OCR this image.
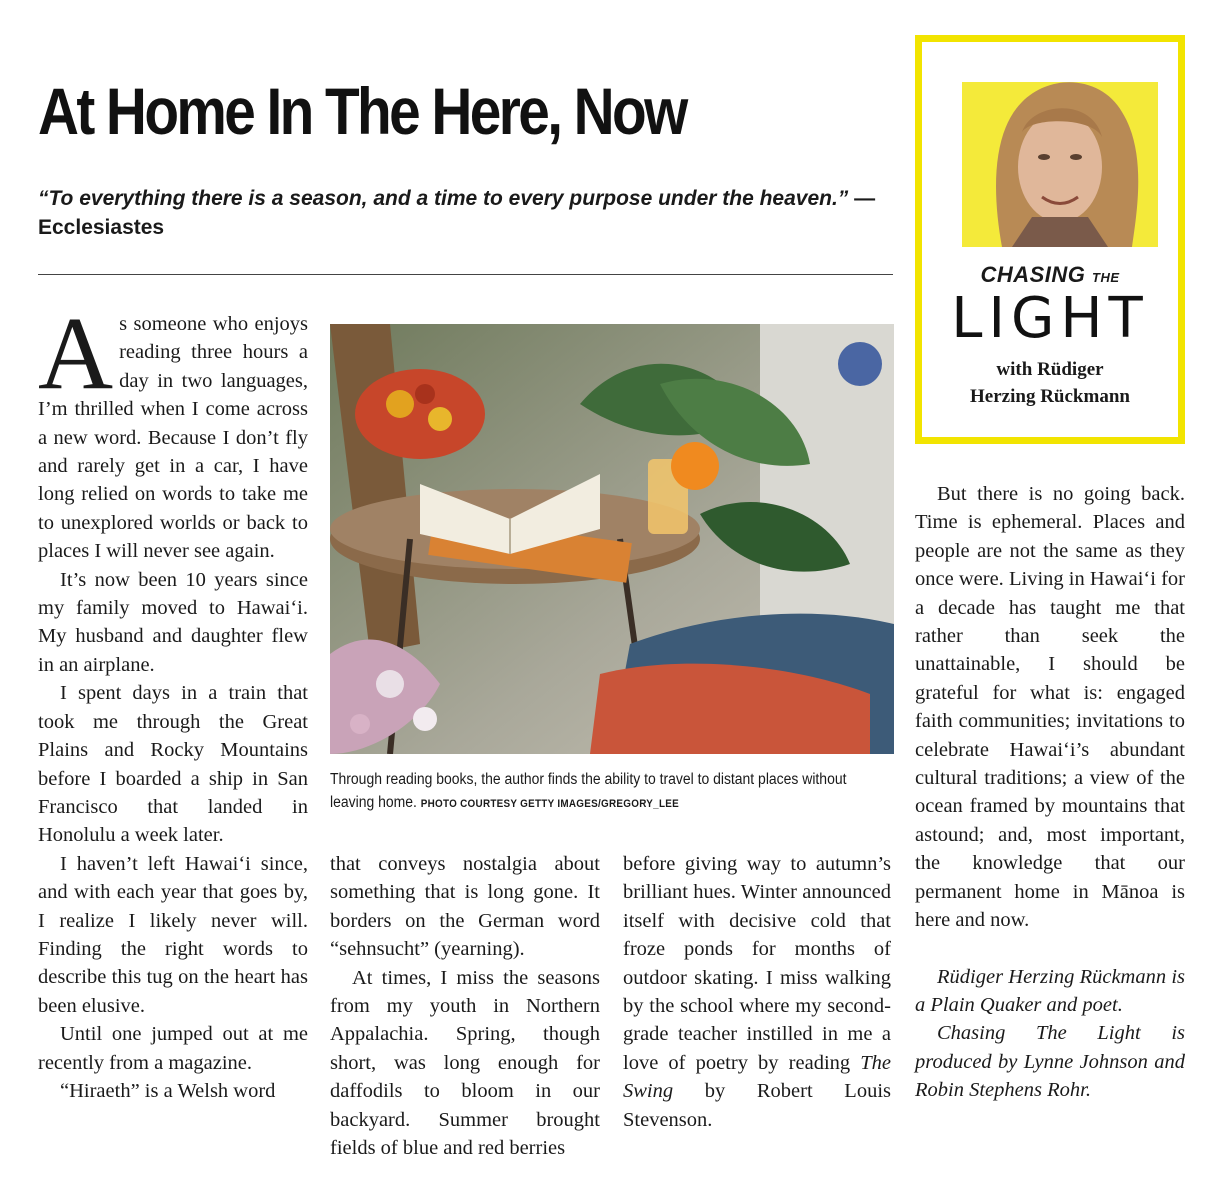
At Home In The Here, Now

“To everything there is a season, and a time to every purpose under the heaven.” — Ecclesiastes

As someone who enjoys reading three hours a day in two languages, I’m thrilled when I come across a new word. Because I don’t fly and rarely get in a car, I have long relied on words to take me to unexplored worlds or back to places I will never see again.

It’s now been 10 years since my family moved to Hawai‘i. My husband and daughter flew in an airplane.

I spent days in a train that took me through the Great Plains and Rocky Mountains before I boarded a ship in San Francisco that landed in Honolulu a week later.

I haven’t left Hawai‘i since, and with each year that goes by, I realize I likely never will. Finding the right words to describe this tug on the heart has been elusive.

Until one jumped out at me recently from a magazine.

“Hiraeth” is a Welsh word

Through reading books, the author finds the ability to travel to distant places without leaving home. PHOTO COURTESY GETTY IMAGES/GREGORY_LEE

that conveys nostalgia about something that is long gone. It borders on the German word “sehnsucht” (yearning).

At times, I miss the seasons from my youth in Northern Appalachia. Spring, though short, was long enough for daffodils to bloom in our backyard. Summer brought fields of blue and red berries

before giving way to autumn’s brilliant hues. Winter announced itself with decisive cold that froze ponds for months of outdoor skating. I miss walking by the school where my second-grade teacher instilled in me a love of poetry by reading The Swing by Robert Louis Stevenson.

CHASING THE
LIGHT
with Rüdiger
Herzing Rückmann

But there is no going back. Time is ephemeral. Places and people are not the same as they once were. Living in Hawai‘i for a decade has taught me that rather than seek the unattainable, I should be grateful for what is: engaged faith communities; invitations to celebrate Hawai‘i’s abundant cultural traditions; a view of the ocean framed by mountains that astound; and, most important, the knowledge that our permanent home in Mānoa is here and now.

Rüdiger Herzing Rückmann is a Plain Quaker and poet.

Chasing The Light is produced by Lynne Johnson and Robin Stephens Rohr.
